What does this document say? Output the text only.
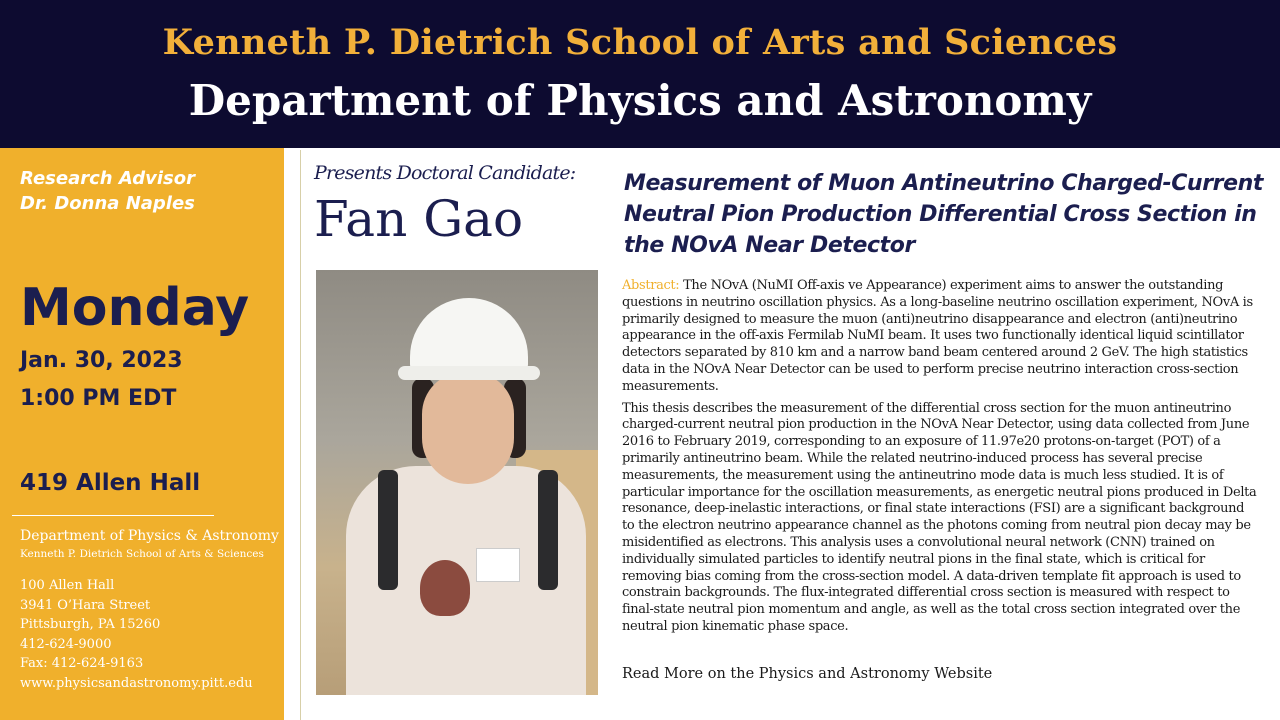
Kenneth P. Dietrich School of Arts and Sciences
Department of Physics and Astronomy
Research Advisor
Dr. Donna Naples
Monday
Jan. 30, 2023
1:00 PM EDT
419 Allen Hall
Department of Physics & Astronomy
Kenneth P. Dietrich School of Arts & Sciences
100 Allen Hall
3941 O’Hara Street
Pittsburgh, PA 15260
412-624-9000
Fax: 412-624-9163
www.physicsandastronomy.pitt.edu
Presents Doctoral Candidate:
Fan Gao
Measurement of Muon Antineutrino Charged-Current Neutral Pion Production Differential Cross Section in the NOvA Near Detector

Abstract: The NOvA (NuMI Off-axis ve Appearance) experiment aims to answer the outstanding questions in neutrino oscillation physics. As a long-baseline neutrino oscillation experiment, NOvA is primarily designed to measure the muon (anti)neutrino disappearance and electron (anti)neutrino appearance in the off-axis Fermilab NuMI beam. It uses two functionally identical liquid scintillator detectors separated by 810 km and a narrow band beam centered around 2 GeV. The high statistics data in the NOvA Near Detector can be used to perform precise neutrino interaction cross-section measurements.

This thesis describes the measurement of the differential cross section for the muon antineutrino charged-current neutral pion production in the NOvA Near Detector, using data collected from June 2016 to February 2019, corresponding to an exposure of 11.97e20 protons-on-target (POT) of a primarily antineutrino beam. While the related neutrino-induced process has several precise measurements, the measurement using the antineutrino mode data is much less studied. It is of particular importance for the oscillation measurements, as energetic neutral pions produced in Delta resonance, deep-inelastic interactions, or final state interactions (FSI) are a significant background to the electron neutrino appearance channel as the photons coming from neutral pion decay may be misidentified as electrons. This analysis uses a convolutional neural network (CNN) trained on individually simulated particles to identify neutral pions in the final state, which is critical for removing bias coming from the cross-section model. A data-driven template fit approach is used to constrain backgrounds. The flux-integrated differential cross section is measured with respect to final-state neutral pion momentum and angle, as well as the total cross section integrated over the neutral pion kinematic phase space.

Read More on the Physics and Astronomy Website
